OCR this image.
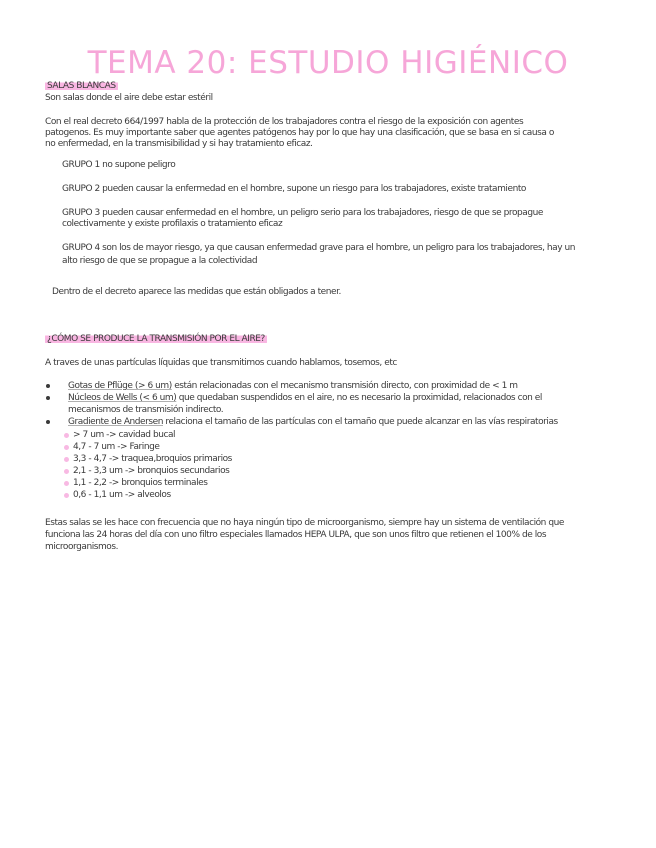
TEMA 20: ESTUDIO HIGIÉNICO
SALAS BLANCAS
Son salas donde el aire debe estar estéril
Con el real decreto 664/1997 habla de la protección de los trabajadores contra el riesgo de la exposición con agentes
patogenos. Es muy importante saber que agentes patógenos hay por lo que hay una clasificación, que se basa en si causa o
no enfermedad, en la transmisibilidad y si hay tratamiento eficaz.
GRUPO 1 no supone peligro
GRUPO 2 pueden causar la enfermedad en el hombre, supone un riesgo para los trabajadores, existe tratamiento
GRUPO 3 pueden causar enfermedad en el hombre, un peligro serio para los trabajadores, riesgo de que se propague
colectivamente y existe profilaxis o tratamiento eficaz
GRUPO 4 son los de mayor riesgo, ya que causan enfermedad grave para el hombre, un peligro para los trabajadores, hay un
alto riesgo de que se propague a la colectividad
Dentro de el decreto aparece las medidas que están obligados a tener.
¿CÓMO SE PRODUCE LA TRANSMISIÓN POR EL AIRE?
A traves de unas partículas líquidas que transmitimos cuando hablamos, tosemos, etc
Gotas de Pflüge (> 6 um) están relacionadas con el mecanismo transmisión directo, con proximidad de < 1 m
Núcleos de Wells (< 6 um) que quedaban suspendidos en el aire, no es necesario la proximidad, relacionados con el
mecanismos de transmisión indirecto.
Gradiente de Andersen relaciona el tamaño de las partículas con el tamaño que puede alcanzar en las vías respiratorias
> 7 um -> cavidad bucal
4,7 - 7 um -> Faringe
3,3 - 4,7 -> traquea,broquios primarios
2,1 - 3,3 um -> bronquios secundarios
1,1 - 2,2 -> bronquios terminales
0,6 - 1,1 um -> alveolos
Estas salas se les hace con frecuencia que no haya ningún tipo de microorganismo, siempre hay un sistema de ventilación que
funciona las 24 horas del día con uno filtro especiales llamados HEPA ULPA, que son unos filtro que retienen el 100% de los
microorganismos.
